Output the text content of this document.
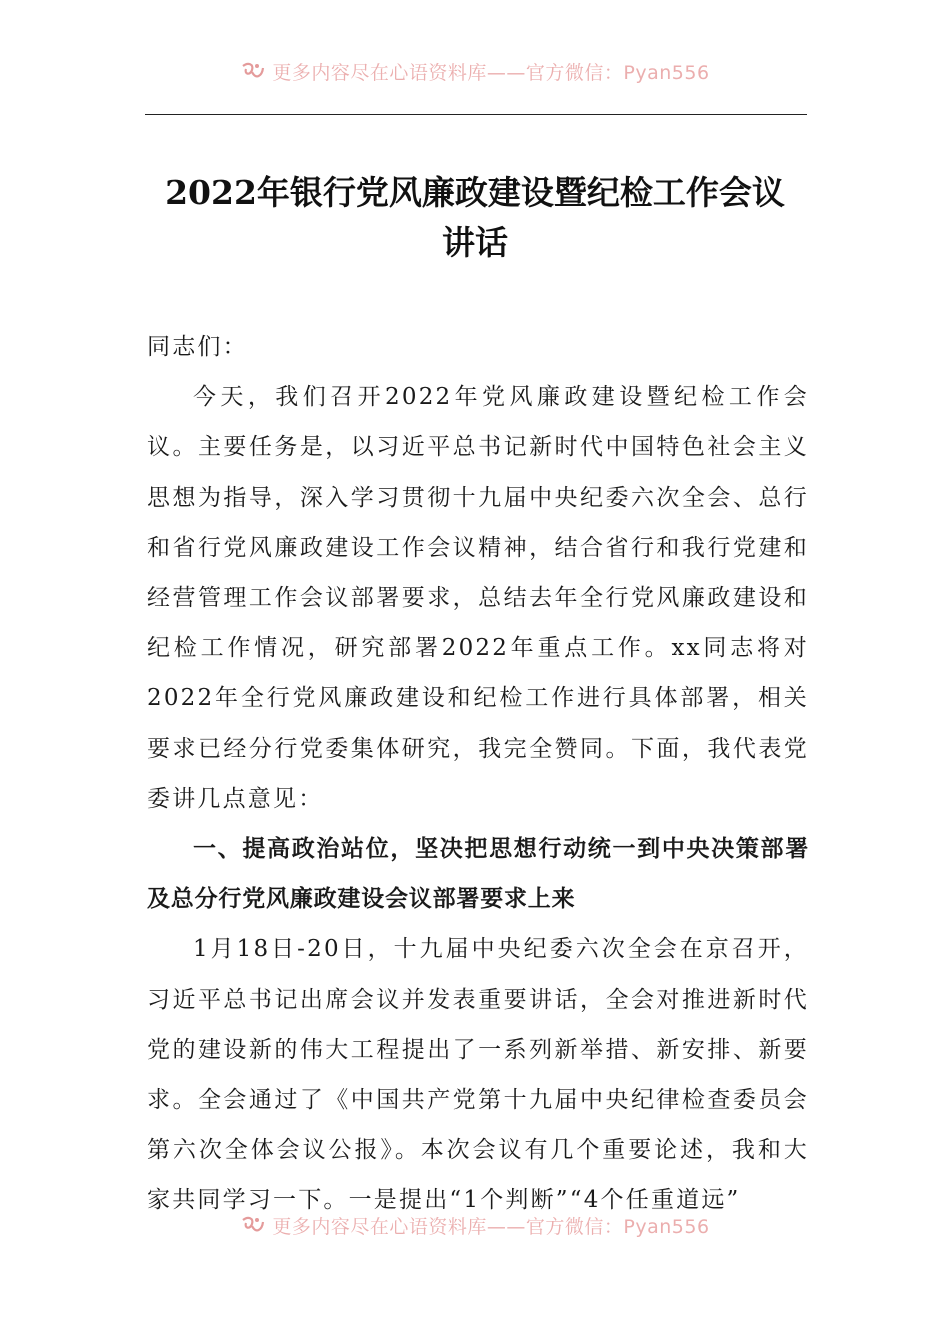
更多内容尽在心语资料库——官方微信：Pyan556
2022年银行党风廉政建设暨纪检工作会议
讲话

同志们：

今天，我们召开2022年党风廉政建设暨纪检工作会议。主要任务是，以习近平总书记新时代中国特色社会主义思想为指导，深入学习贯彻十九届中央纪委六次全会、总行和省行党风廉政建设工作会议精神，结合省行和我行党建和经营管理工作会议部署要求，总结去年全行党风廉政建设和纪检工作情况，研究部署2022年重点工作。xx同志将对2022年全行党风廉政建设和纪检工作进行具体部署，相关要求已经分行党委集体研究，我完全赞同。下面，我代表党委讲几点意见：

一、提高政治站位，坚决把思想行动统一到中央决策部署及总分行党风廉政建设会议部署要求上来

1月18日-20日，十九届中央纪委六次全会在京召开，习近平总书记出席会议并发表重要讲话，全会对推进新时代党的建设新的伟大工程提出了一系列新举措、新安排、新要求。全会通过了《中国共产党第十九届中央纪律检查委员会第六次全体会议公报》。本次会议有几个重要论述，我和大家共同学习一下。一是提出“1个判断”“4个任重道远”

更多内容尽在心语资料库——官方微信：Pyan556
